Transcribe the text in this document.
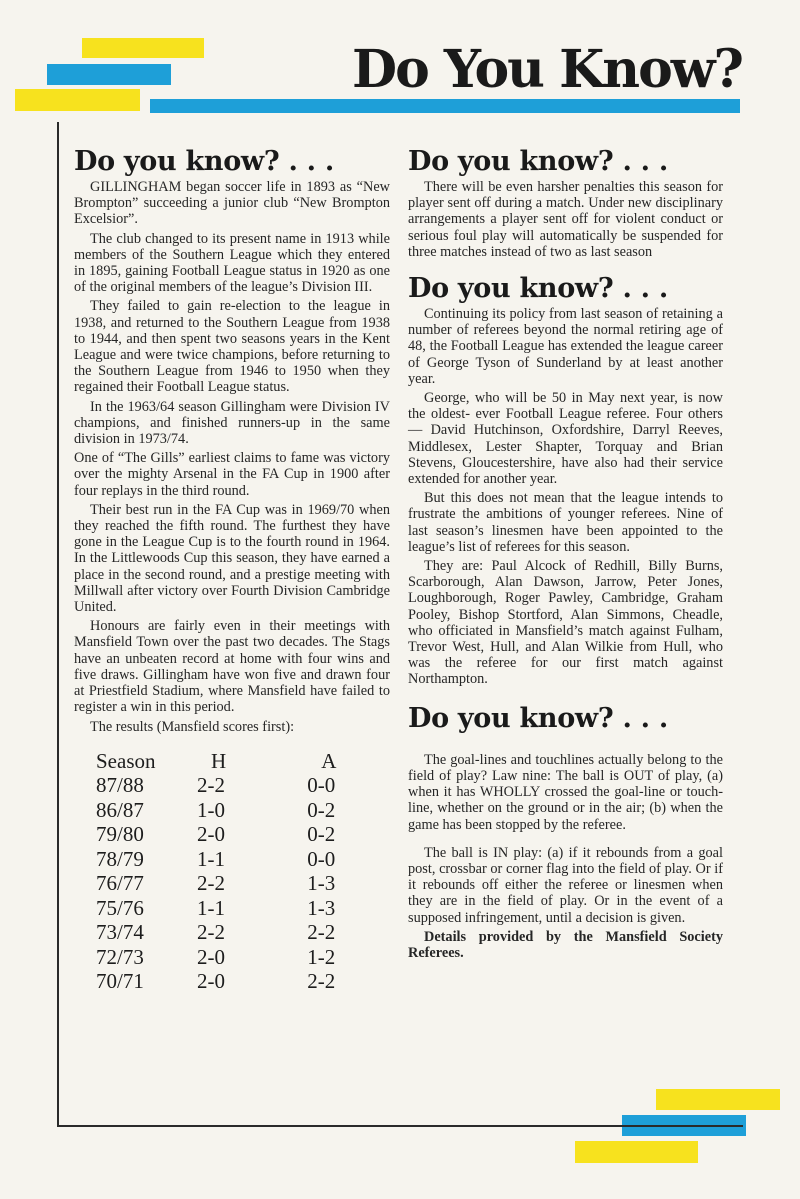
Do You Know?
Do you know? . . .

GILLINGHAM began soccer life in 1893 as “New Brompton” succeeding a junior club “New Brompton Excelsior”.

The club changed to its present name in 1913 while members of the Southern League which they entered in 1895, gaining Football League status in 1920 as one of the original members of the league’s Division III.

They failed to gain re-election to the league in 1938, and returned to the Southern League from 1938 to 1944, and then spent two seasons years in the Kent League and were twice champions, before returning to the Southern League from 1946 to 1950 when they regained their Football League status.

In the 1963/64 season Gillingham were Division IV champions, and finished runners-up in the same division in 1973/74.

One of “The Gills” earliest claims to fame was victory over the mighty Arsenal in the FA Cup in 1900 after four replays in the third round.

Their best run in the FA Cup was in 1969/70 when they reached the fifth round. The furthest they have gone in the League Cup is to the fourth round in 1964. In the Littlewoods Cup this season, they have earned a place in the second round, and a prestige meeting with Millwall after victory over Fourth Division Cambridge United.

Honours are fairly even in their meetings with Mansfield Town over the past two decades. The Stags have an unbeaten record at home with four wins and five draws. Gillingham have won five and drawn four at Priestfield Stadium, where Mansfield have failed to register a win in this period.

The results (Mansfield scores first):

Season	H	A
87/88	2-2	0-0
86/87	1-0	0-2
79/80	2-0	0-2
78/79	1-1	0-0
76/77	2-2	1-3
75/76	1-1	1-3
73/74	2-2	2-2
72/73	2-0	1-2
70/71	2-0	2-2
Do you know? . . .

There will be even harsher penalties this season for player sent off during a match. Under new disciplinary arrangements a player sent off for violent conduct or serious foul play will automatically be suspended for three matches instead of two as last season

Do you know? . . .

Continuing its policy from last season of retaining a number of referees beyond the normal retiring age of 48, the Football League has extended the league career of George Tyson of Sunderland by at least another year.

George, who will be 50 in May next year, is now the oldest- ever Football League referee. Four others — David Hutchinson, Oxfordshire, Darryl Reeves, Middlesex, Lester Shapter, Torquay and Brian Stevens, Gloucestershire, have also had their service extended for another year.

But this does not mean that the league intends to frustrate the ambitions of younger referees. Nine of last season’s linesmen have been appointed to the league’s list of referees for this season.

They are: Paul Alcock of Redhill, Billy Burns, Scarborough, Alan Dawson, Jarrow, Peter Jones, Loughborough, Roger Pawley, Cambridge, Graham Pooley, Bishop Stortford, Alan Simmons, Cheadle, who officiated in Mansfield’s match against Fulham, Trevor West, Hull, and Alan Wilkie from Hull, who was the referee for our first match against Northampton.

Do you know? . . .

The goal-lines and touchlines actually belong to the field of play? Law nine: The ball is OUT of play, (a) when it has WHOLLY crossed the goal-line or touch-line, whether on the ground or in the air; (b) when the game has been stopped by the referee.

The ball is IN play: (a) if it rebounds from a goal post, crossbar or corner flag into the field of play. Or if it rebounds off either the referee or linesmen when they are in the field of play. Or in the event of a supposed infringement, until a decision is given.

Details provided by the Mansfield Society Referees.
